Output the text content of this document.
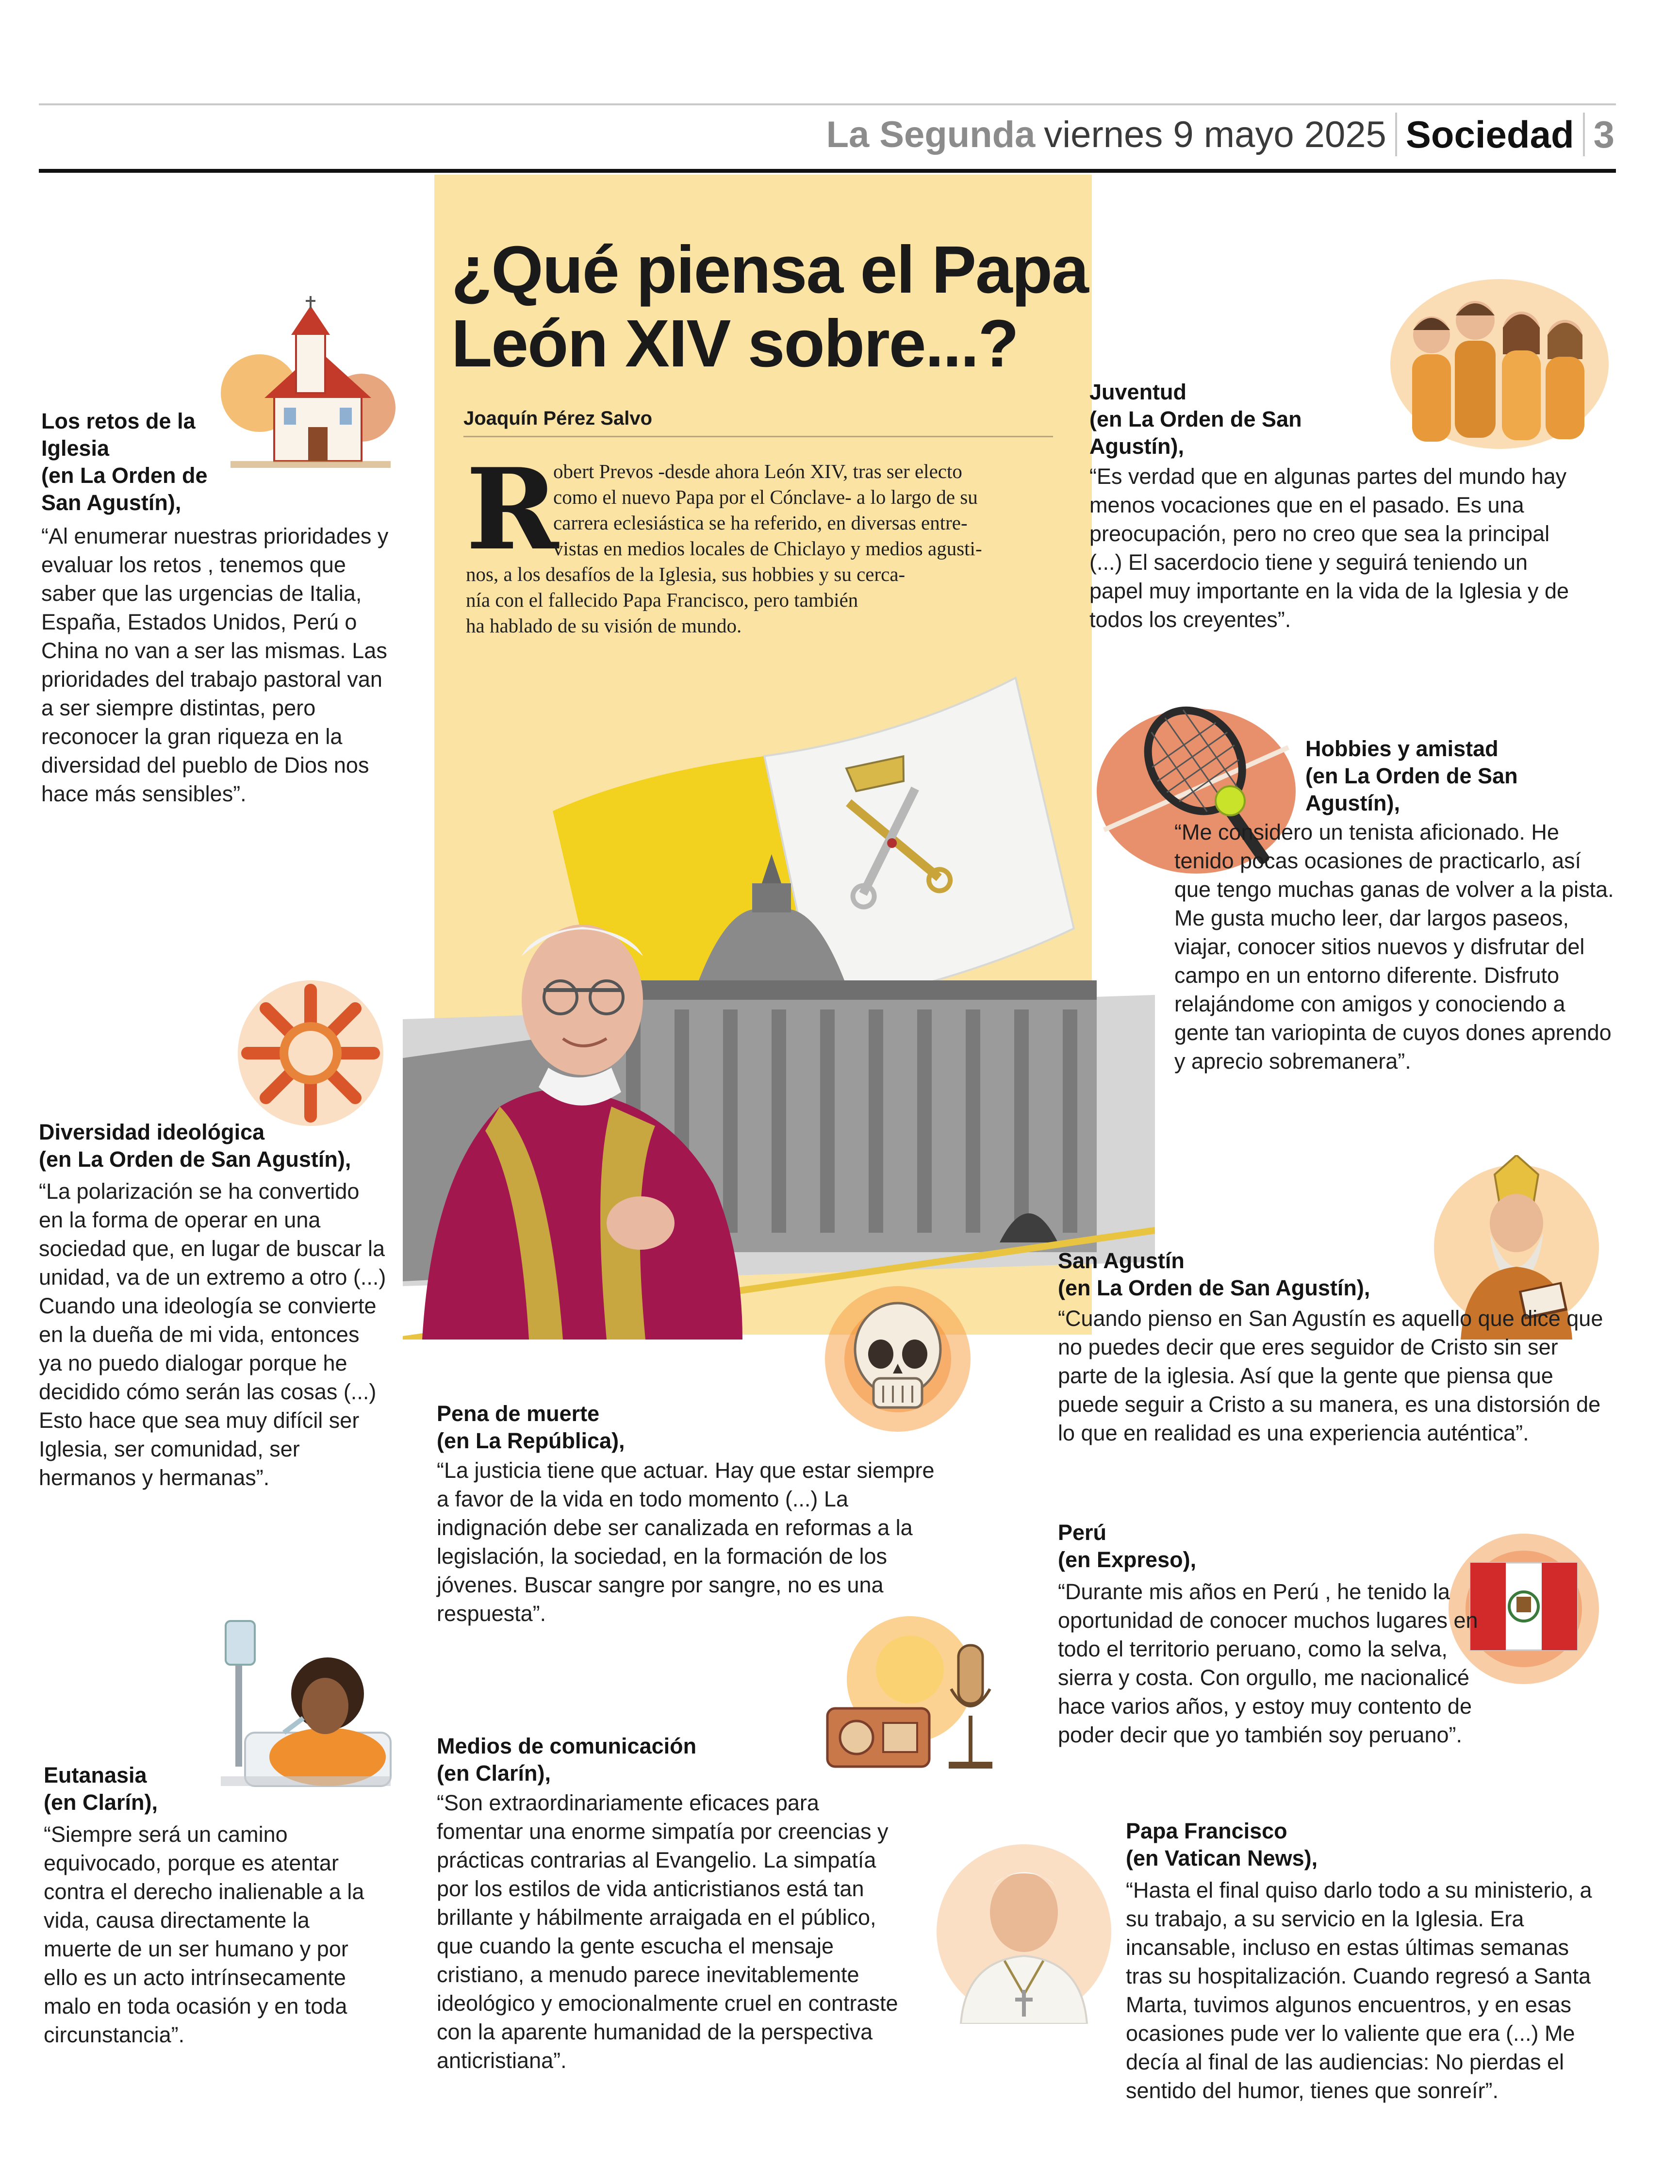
La Segunda viernes 9 mayo 2025 Sociedad 3
¿Qué piensa el Papa León XIV sobre...?
Joaquín Pérez Salvo
R
obert Prevos -desde ahora León XIV, tras ser electo
como el nuevo Papa por el Cónclave- a lo largo de su
carrera eclesiástica se ha referido, en diversas entre-
vistas en medios locales de Chiclayo y medios agusti-
nos, a los desafíos de la Iglesia, sus hobbies y su cerca-
nía con el fallecido Papa Francisco, pero también
ha hablado de su visión de mundo.
Los retos de la
Iglesia
(en La Orden de
San Agustín),
“Al enumerar nuestras prioridades y evaluar los retos , tenemos que saber que las urgencias de Italia, España, Estados Unidos, Perú o China no van a ser las mismas. Las prioridades del trabajo pastoral van a ser siempre distintas, pero reconocer la gran riqueza en la diversidad del pueblo de Dios nos hace más sensibles”.
Diversidad ideológica
(en La Orden de San Agustín),
“La polarización se ha convertido en la forma de operar en una sociedad que, en lugar de buscar la unidad, va de un extremo a otro (...) Cuando una ideología se convierte en la dueña de mi vida, entonces ya no puedo dialogar porque he decidido cómo serán las cosas (...) Esto hace que sea muy difícil ser Iglesia, ser comunidad, ser hermanos y hermanas”.
Eutanasia
(en Clarín),
“Siempre será un camino equivocado, porque es atentar contra el derecho inalienable a la vida, causa directamente la muerte de un ser humano y por ello es un acto intrínsecamente malo en toda ocasión y en toda circunstancia”.
Pena de muerte
(en La República),
“La justicia tiene que actuar. Hay que estar siempre a favor de la vida en todo momento (...) La indignación debe ser canalizada en reformas a la legislación, la sociedad, en la formación de los jóvenes. Buscar sangre por sangre, no es una respuesta”.
Medios de comunicación
(en Clarín),
“Son extraordinariamente eficaces para fomentar una enorme simpatía por creencias y prácticas contrarias al Evangelio. La simpatía por los estilos de vida anticristianos está tan brillante y hábilmente arraigada en el público, que cuando la gente escucha el mensaje cristiano, a menudo parece inevitablemente ideológico y emocionalmente cruel en contraste con la aparente humanidad de la perspectiva anticristiana”.
Juventud
(en La Orden de San
Agustín),
“Es verdad que en algunas partes del mundo hay menos vocaciones que en el pasado. Es una preocupación, pero no creo que sea la principal (...) El sacerdocio tiene y seguirá teniendo un papel muy importante en la vida de la Iglesia y de todos los creyentes”.
Hobbies y amistad
(en La Orden de San
Agustín),
“Me considero un tenista aficionado. He tenido pocas ocasiones de practicarlo, así que tengo muchas ganas de volver a la pista. Me gusta mucho leer, dar largos paseos, viajar, conocer sitios nuevos y disfrutar del campo en un entorno diferente. Disfruto relajándome con amigos y conociendo a gente tan variopinta de cuyos dones aprendo y aprecio sobremanera”.
San Agustín
(en La Orden de San Agustín),
“Cuando pienso en San Agustín es aquello que dice que no puedes decir que eres seguidor de Cristo sin ser parte de la iglesia. Así que la gente que piensa que puede seguir a Cristo a su manera, es una distorsión de lo que en realidad es una experiencia auténtica”.
Perú
(en Expreso),
“Durante mis años en Perú , he tenido la oportunidad de conocer muchos lugares en todo el territorio peruano, como la selva, sierra y costa. Con orgullo, me nacionalicé hace varios años, y estoy muy contento de poder decir que yo también soy peruano”.
Papa Francisco
(en Vatican News),
“Hasta el final quiso darlo todo a su ministerio, a su trabajo, a su servicio en la Iglesia. Era incansable, incluso en estas últimas semanas tras su hospitalización. Cuando regresó a Santa Marta, tuvimos algunos encuentros, y en esas ocasiones pude ver lo valiente que era (...) Me decía al final de las audiencias: No pierdas el sentido del humor, tienes que sonreír”.
